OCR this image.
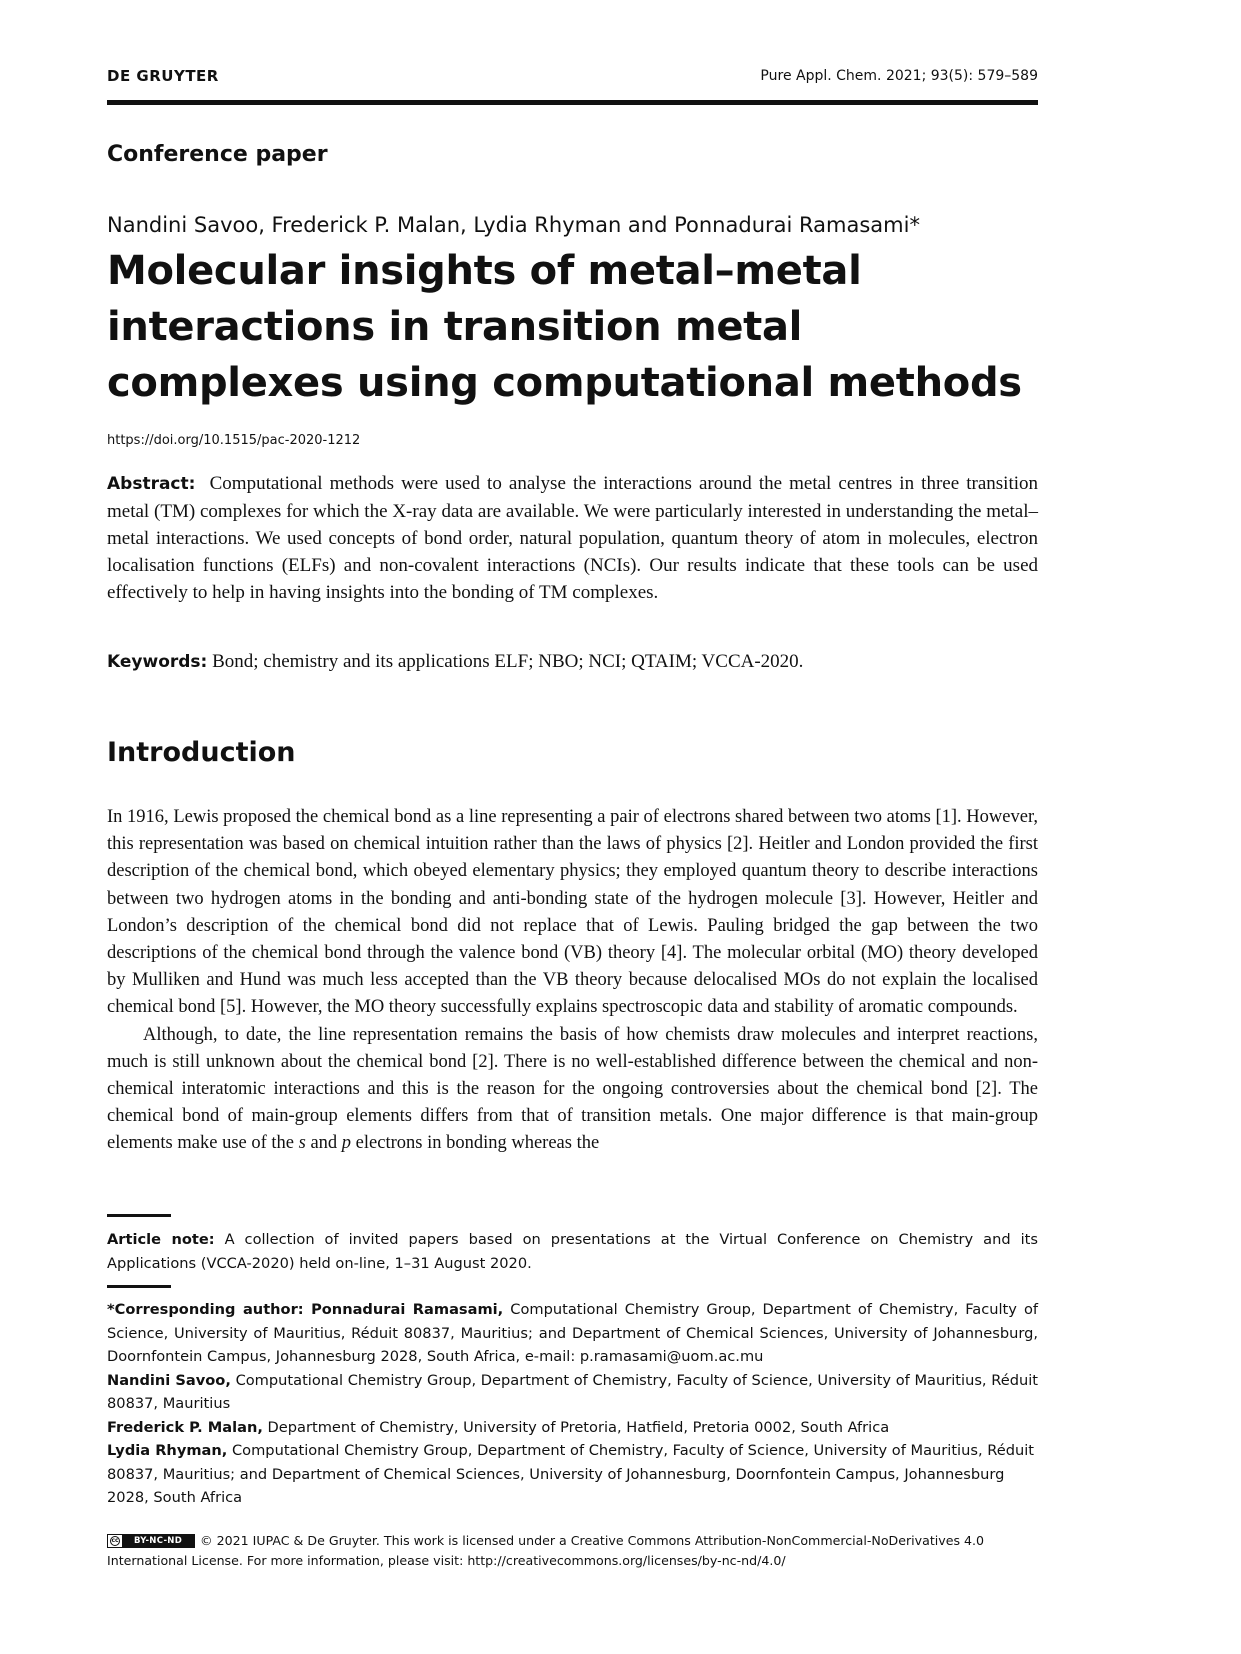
DE GRUYTER	Pure Appl. Chem. 2021; 93(5): 579–589
Conference paper
Nandini Savoo, Frederick P. Malan, Lydia Rhyman and Ponnadurai Ramasami*
Molecular insights of metal–metal interactions in transition metal complexes using computational methods
https://doi.org/10.1515/pac-2020-1212

Abstract: Computational methods were used to analyse the interactions around the metal centres in three transition metal (TM) complexes for which the X-ray data are available. We were particularly interested in understanding the metal–metal interactions. We used concepts of bond order, natural population, quantum theory of atom in molecules, electron localisation functions (ELFs) and non-covalent interactions (NCIs). Our results indicate that these tools can be used effectively to help in having insights into the bonding of TM complexes.

Keywords: Bond; chemistry and its applications ELF; NBO; NCI; QTAIM; VCCA-2020.

Introduction

In 1916, Lewis proposed the chemical bond as a line representing a pair of electrons shared between two atoms [1]. However, this representation was based on chemical intuition rather than the laws of physics [2]. Heitler and London provided the first description of the chemical bond, which obeyed elementary physics; they employed quantum theory to describe interactions between two hydrogen atoms in the bonding and anti-bonding state of the hydrogen molecule [3]. However, Heitler and London’s description of the chemical bond did not replace that of Lewis. Pauling bridged the gap between the two descriptions of the chemical bond through the valence bond (VB) theory [4]. The molecular orbital (MO) theory developed by Mulliken and Hund was much less accepted than the VB theory because delocalised MOs do not explain the localised chemical bond [5]. However, the MO theory successfully explains spectroscopic data and stability of aromatic compounds.

Although, to date, the line representation remains the basis of how chemists draw molecules and interpret reactions, much is still unknown about the chemical bond [2]. There is no well-established difference between the chemical and non-chemical interatomic interactions and this is the reason for the ongoing controversies about the chemical bond [2]. The chemical bond of main-group elements differs from that of transition metals. One major difference is that main-group elements make use of the s and p electrons in bonding whereas the

Article note: A collection of invited papers based on presentations at the Virtual Conference on Chemistry and its Applications (VCCA-2020) held on-line, 1–31 August 2020.

*Corresponding author: Ponnadurai Ramasami, Computational Chemistry Group, Department of Chemistry, Faculty of Science, University of Mauritius, Réduit 80837, Mauritius; and Department of Chemical Sciences, University of Johannesburg, Doornfontein Campus, Johannesburg 2028, South Africa, e-mail: p.ramasami@uom.ac.mu

Nandini Savoo, Computational Chemistry Group, Department of Chemistry, Faculty of Science, University of Mauritius, Réduit 80837, Mauritius

Frederick P. Malan, Department of Chemistry, University of Pretoria, Hatfield, Pretoria 0002, South Africa

Lydia Rhyman, Computational Chemistry Group, Department of Chemistry, Faculty of Science, University of Mauritius, Réduit 80837, Mauritius; and Department of Chemical Sciences, University of Johannesburg, Doornfontein Campus, Johannesburg 2028, South Africa

cc	BY-NC-ND	© 2021 IUPAC & De Gruyter. This work is licensed under a Creative Commons Attribution-NonCommercial-NoDerivatives 4.0 International License. For more information, please visit: http://creativecommons.org/licenses/by-nc-nd/4.0/
